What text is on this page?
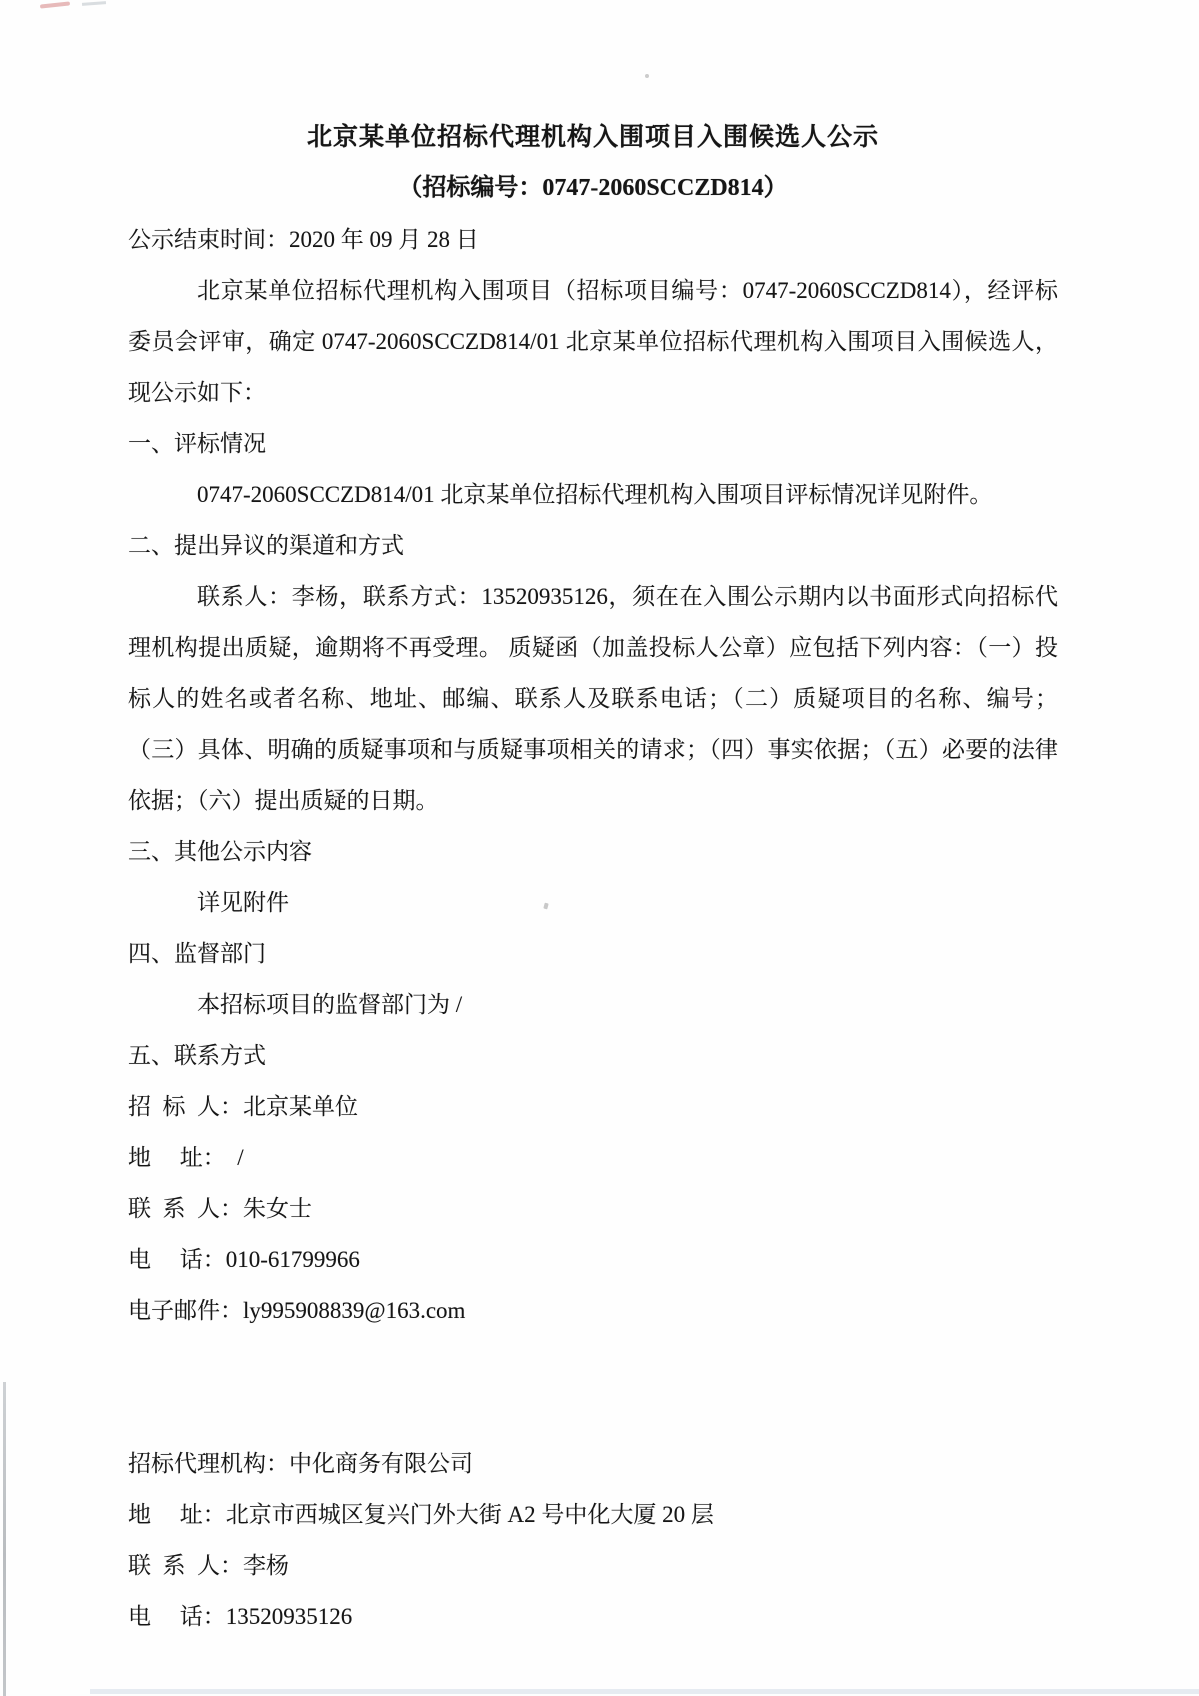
北京某单位招标代理机构入围项目入围候选人公示

（招标编号：0747-2060SCCZD814）

公示结束时间：2020 年 09 月 28 日

北京某单位招标代理机构入围项目（招标项目编号：0747-2060SCCZD814），经评标委员会评审，确定 0747-2060SCCZD814/01 北京某单位招标代理机构入围项目入围候选人，现公示如下：

一、评标情况

0747-2060SCCZD814/01 北京某单位招标代理机构入围项目评标情况详见附件。

二、提出异议的渠道和方式

联系人：李杨，联系方式：13520935126，须在在入围公示期内以书面形式向招标代理机构提出质疑，逾期将不再受理。 质疑函（加盖投标人公章）应包括下列内容：（一）投标人的姓名或者名称、地址、邮编、联系人及联系电话；（二）质疑项目的名称、编号；（三）具体、明确的质疑事项和与质疑事项相关的请求；（四）事实依据；（五）必要的法律依据；（六）提出质疑的日期。

三、其他公示内容

详见附件

四、监督部门

本招标项目的监督部门为 /

五、联系方式

招  标  人：北京某单位

地     址：  /

联  系  人：朱女士

电     话：010-61799966

电子邮件：ly995908839@163.com

招标代理机构：中化商务有限公司

地     址：北京市西城区复兴门外大街 A2 号中化大厦 20 层

联  系  人：李杨

电     话：13520935126
